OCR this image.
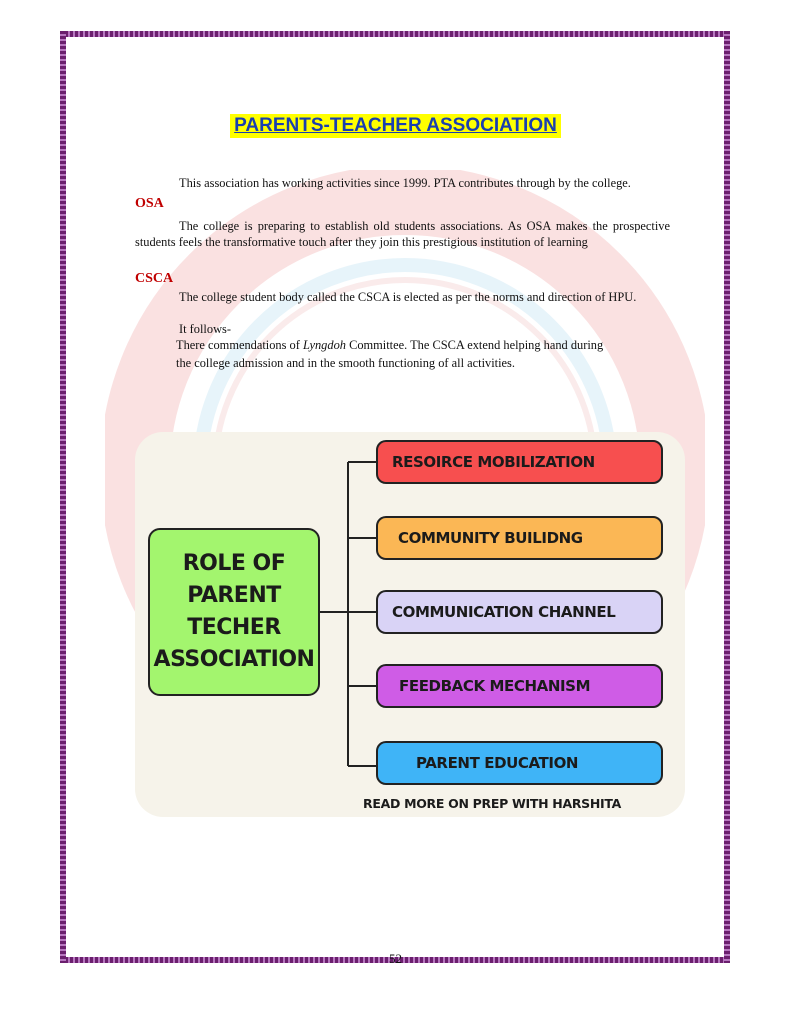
PARENTS-TEACHER ASSOCIATION
This association has working activities since 1999. PTA contributes through by the college.
OSA
The college is preparing to establish old students associations. As OSA makes the prospective students feels the transformative touch after they join this prestigious institution of learning
CSCA
The college student body called the CSCA is elected as per the norms and direction of HPU.
It follows-
There commendations of Lyngdoh Committee. The CSCA extend helping hand during
the college admission and in the smooth functioning of all activities.
ROLE OF
PARENT
TECHER
ASSOCIATION
RESOIRCE MOBILIZATION
COMMUNITY BUILIDNG
COMMUNICATION CHANNEL
FEEDBACK MECHANISM
PARENT EDUCATION
READ MORE ON PREP WITH HARSHITA
52
